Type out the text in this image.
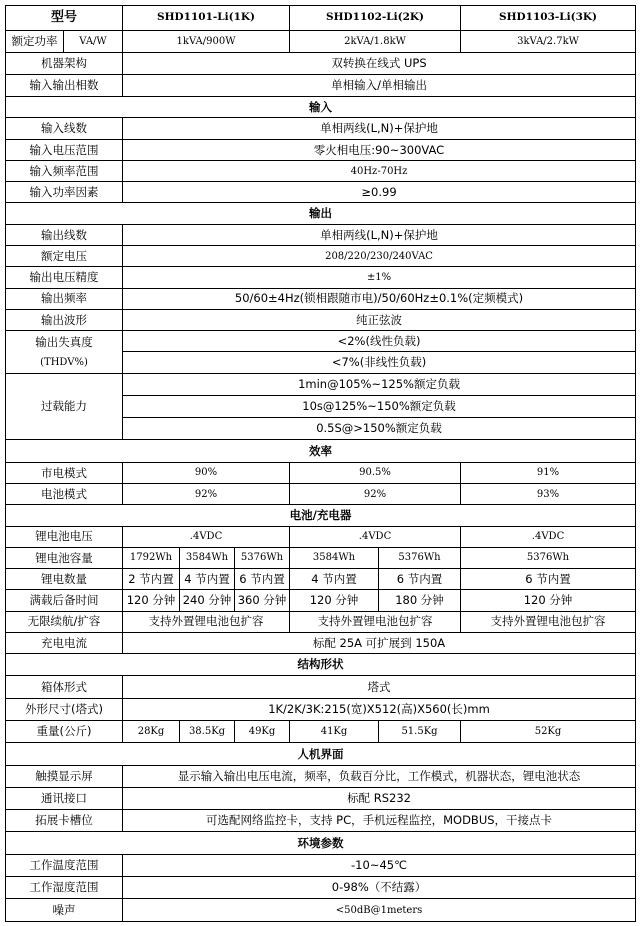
型号		SHD1101-Li(1K)			SHD1102-Li(2K)		SHD1103-Li(3K)
额定功率	VA/W	1kVA/900W			2kVA/1.8kW		3kVA/2.7kW
机器架构		双转换在线式 UPS					
输入输出相数		单相输入/单相输出					
输入							
输入线数		单相两线(L,N)+保护地					
输入电压范围		零火相电压:90~300VAC					
输入频率范围		40Hz-70Hz					
输入功率因素		≥0.99					
输出							
输出线数		单相两线(L,N)+保护地					
额定电压		208/220/230/240VAC					
输出电压精度		±1%					
输出频率		50/60±4Hz(锁相跟随市电)/50/60Hz±0.1%(定频模式)					
输出波形		纯正弦波					

输出失真度
(THDV%)		<2%(线性负载)					
		<7%(非线性负载)					
过载能力		1min@105%~125%额定负载					
		10s@125%~150%额定负载					
		0.5S@>150%额定负载					
效率							
市电模式		90%			90.5%		91%
电池模式		92%			92%		93%
电池/充电器							
锂电池电压		.4VDC			.4VDC		.4VDC
锂电池容量		1792Wh	3584Wh	5376Wh	3584Wh	5376Wh	5376Wh
锂电数量		2 节内置	4 节内置	6 节内置	4 节内置	6 节内置	6 节内置
满载后备时间		120 分钟	240 分钟	360 分钟	120 分钟	180 分钟	120 分钟
无限续航/扩容		支持外置锂电池包扩容			支持外置锂电池包扩容		支持外置锂电池包扩容
充电电流		标配 25A 可扩展到 150A					
结构形状							
箱体形式		塔式					
外形尺寸(塔式)		1K/2K/3K:215(宽)X512(高)X560(长)mm					
重量(公斤)		28Kg	38.5Kg	49Kg	41Kg	51.5Kg	52Kg
人机界面							
触摸显示屏		显示输入输出电压电流，频率，负载百分比，工作模式，机器状态，锂电池状态					
通讯接口		标配 RS232					
拓展卡槽位		可选配网络监控卡，支持 PC，手机远程监控，MODBUS，干接点卡					
环境参数							
工作温度范围		-10~45℃					
工作湿度范围		0-98%（不结露）					
噪声		<50dB@1meters					
